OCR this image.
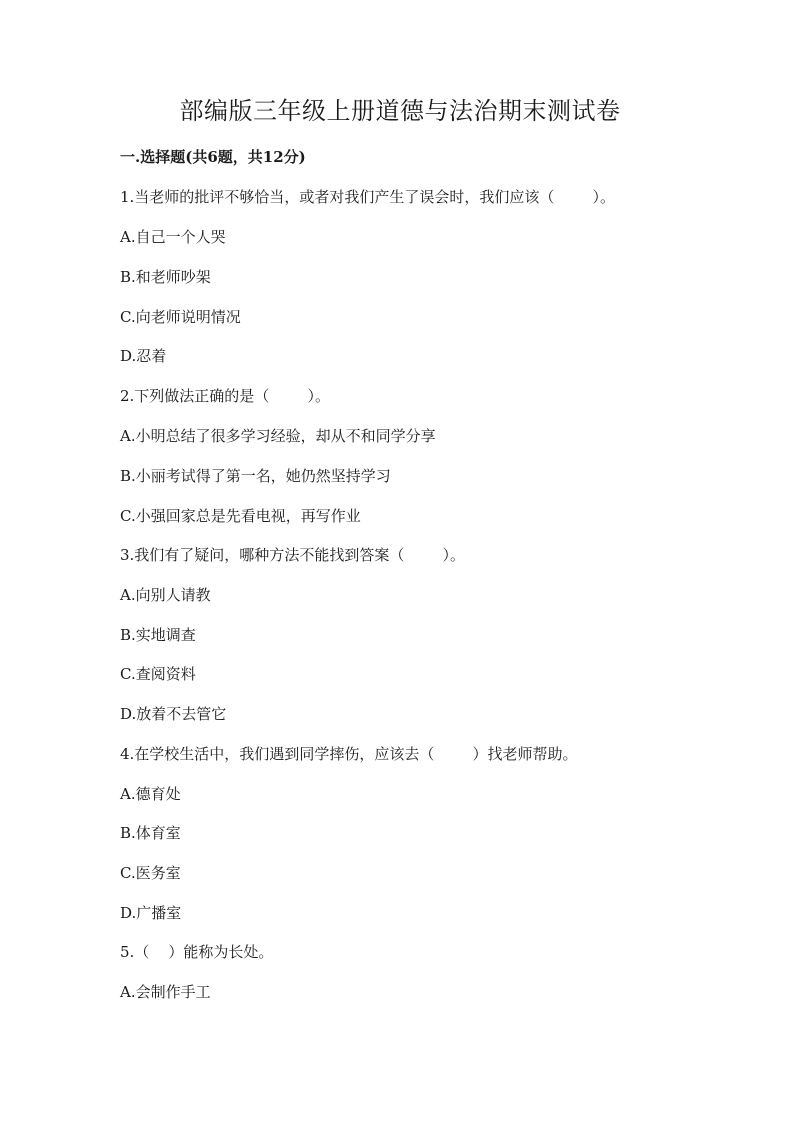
部编版三年级上册道德与法治期末测试卷
一.选择题(共6题，共12分)
1.当老师的批评不够恰当，或者对我们产生了误会时，我们应该（        ）。
A.自己一个人哭
B.和老师吵架
C.向老师说明情况
D.忍着
2.下列做法正确的是（        ）。
A.小明总结了很多学习经验，却从不和同学分享
B.小丽考试得了第一名，她仍然坚持学习
C.小强回家总是先看电视，再写作业
3.我们有了疑问，哪种方法不能找到答案（        ）。
A.向别人请教
B.实地调查
C.查阅资料
D.放着不去管它
4.在学校生活中，我们遇到同学摔伤，应该去（        ）找老师帮助。
A.德育处
B.体育室
C.医务室
D.广播室
5.（    ）能称为长处。
A.会制作手工
